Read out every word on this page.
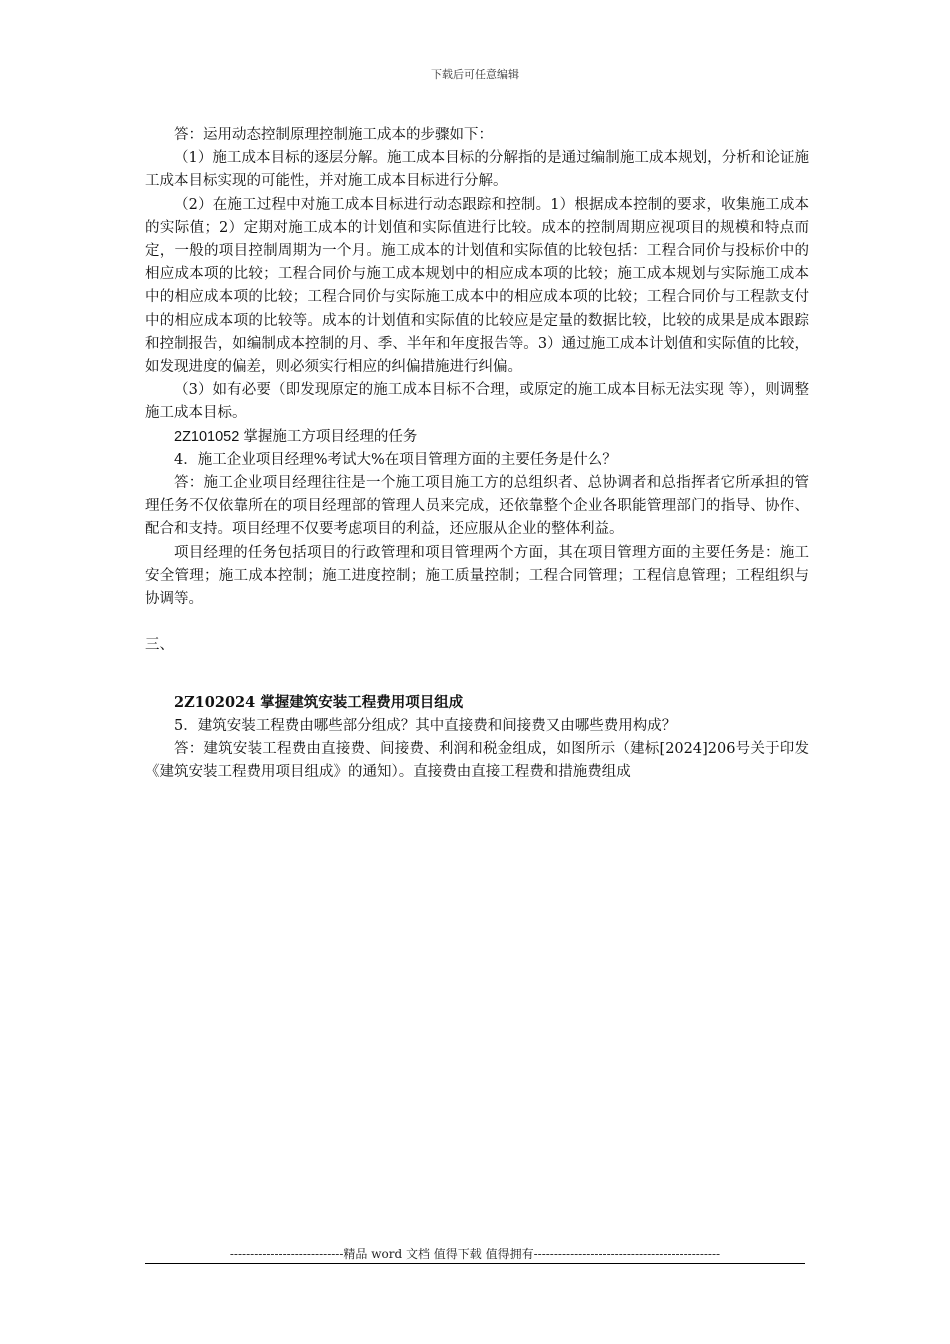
下载后可任意编辑

答：运用动态控制原理控制施工成本的步骤如下：

（1）施工成本目标的逐层分解。施工成本目标的分解指的是通过编制施工成本规划，分析和论证施工成本目标实现的可能性，并对施工成本目标进行分解。

（2）在施工过程中对施工成本目标进行动态跟踪和控制。1）根据成本控制的要求，收集施工成本的实际值；2）定期对施工成本的计划值和实际值进行比较。成本的控制周期应视项目的规模和特点而定，一般的项目控制周期为一个月。施工成本的计划值和实际值的比较包括：工程合同价与投标价中的相应成本项的比较；工程合同价与施工成本规划中的相应成本项的比较；施工成本规划与实际施工成本中的相应成本项的比较；工程合同价与实际施工成本中的相应成本项的比较；工程合同价与工程款支付中的相应成本项的比较等。成本的计划值和实际值的比较应是定量的数据比较，比较的成果是成本跟踪和控制报告，如编制成本控制的月、季、半年和年度报告等。3）通过施工成本计划值和实际值的比较，如发现进度的偏差，则必须实行相应的纠偏措施进行纠偏。

（3）如有必要（即发现原定的施工成本目标不合理，或原定的施工成本目标无法实现 等），则调整施工成本目标。

2Z101052 掌握施工方项目经理的任务

4．施工企业项目经理%考试大%在项目管理方面的主要任务是什么？

答：施工企业项目经理往往是一个施工项目施工方的总组织者、总协调者和总指挥者它所承担的管理任务不仅依靠所在的项目经理部的管理人员来完成，还依靠整个企业各职能管理部门的指导、协作、配合和支持。项目经理不仅要考虑项目的利益，还应服从企业的整体利益。

项目经理的任务包括项目的行政管理和项目管理两个方面，其在项目管理方面的主要任务是：施工安全管理；施工成本控制；施工进度控制；施工质量控制；工程合同管理；工程信息管理；工程组织与协调等。

三、

2Z102024 掌握建筑安装工程费用项目组成

5．建筑安装工程费由哪些部分组成？其中直接费和间接费又由哪些费用构成？

答：建筑安装工程费由直接费、间接费、利润和税金组成，如图所示（建标[2024]206号关于印发《建筑安装工程费用项目组成》的通知）。直接费由直接工程费和措施费组成

----------------------------精品 word 文档 值得下载 值得拥有----------------------------------------------
